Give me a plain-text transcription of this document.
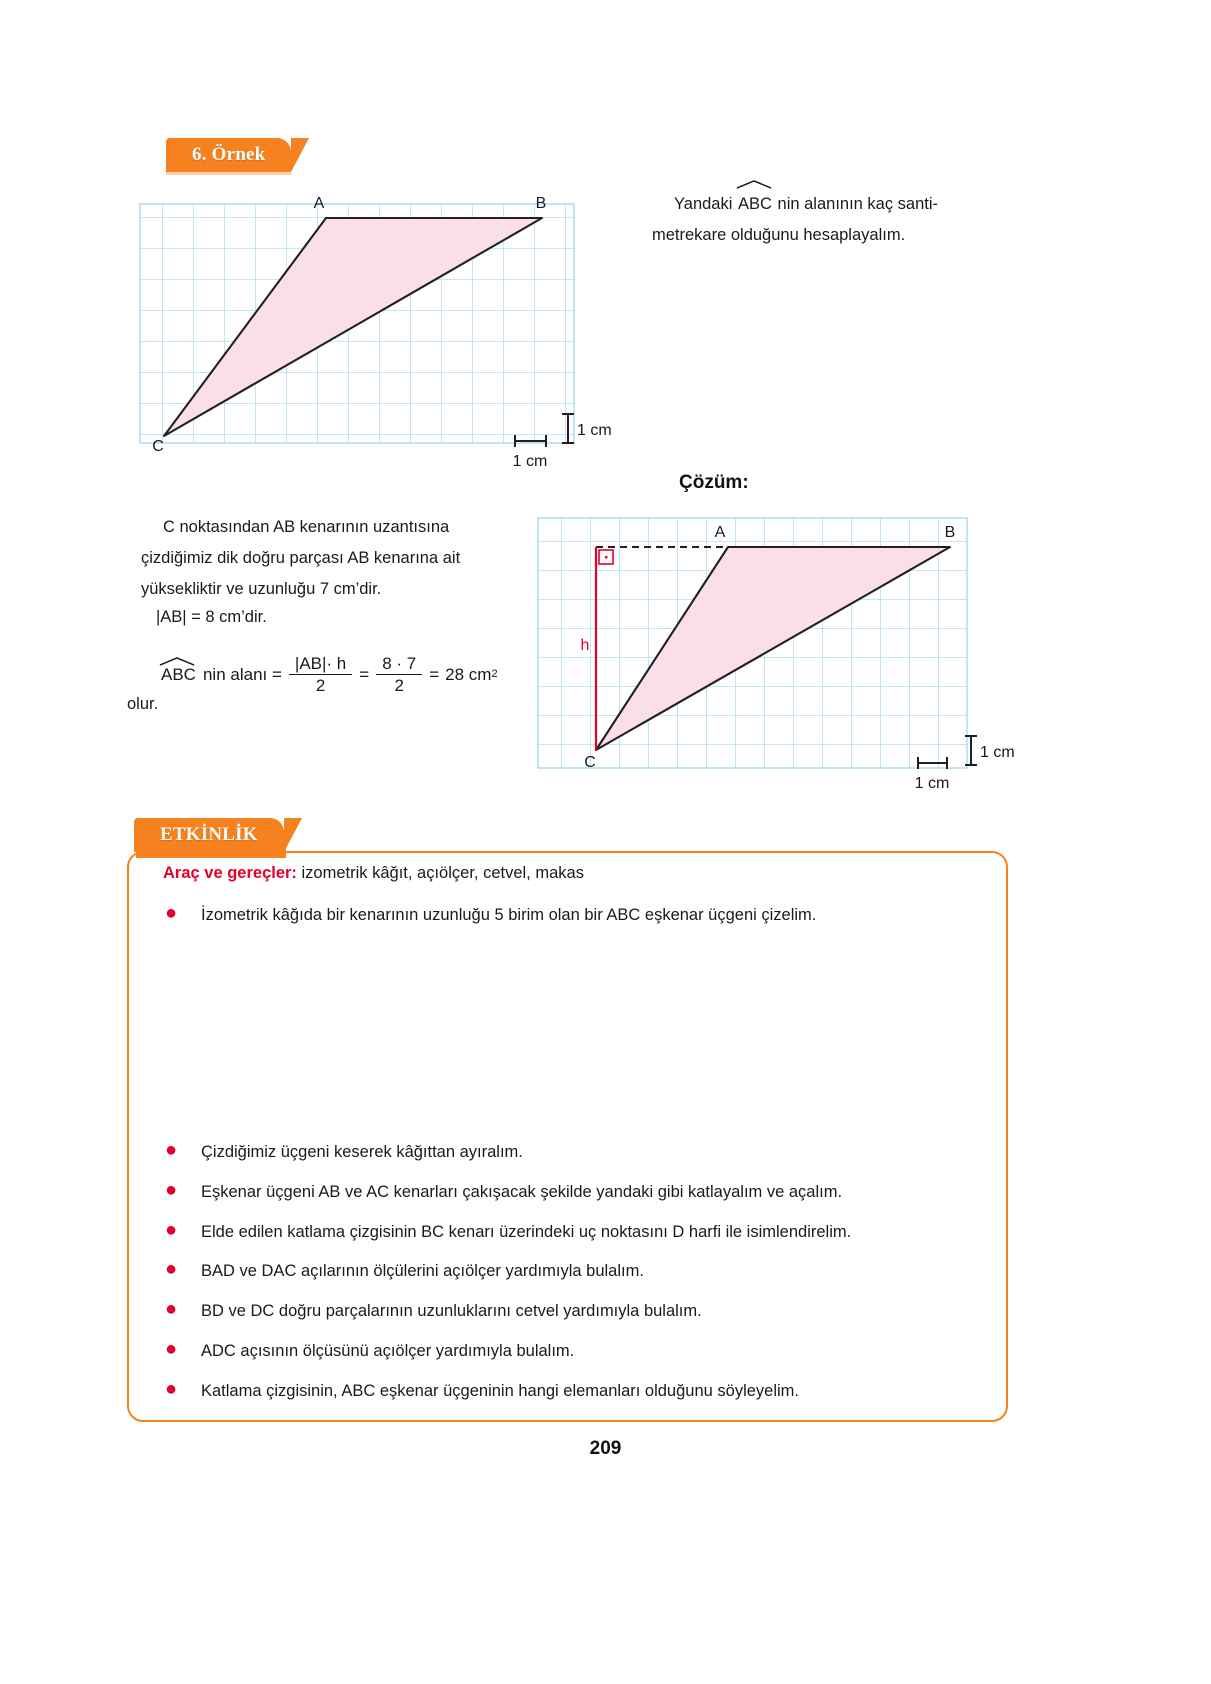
6. Örnek
A	B
C
1 cm
1 cm
Yandaki
ABC nin alanının kaç santi-
metrekare olduğunu hesaplayalım.
Çözüm:
C noktasından AB kenarının uzantısına
çizdiğimiz dik doğru parçası AB kenarına ait
yüksekliktir ve uzunluğu 7 cm’dir.
|AB| = 8 cm’dir.
ABC nin alanı = $\frac{|AB|\cdot h}{2} = \frac{8 \cdot 7}{2} = 28$ cm 2
olur.
A	B
C
h
1 cm
1 cm
ETKİNLİK
Araç ve gereçler: izometrik kâğıt, açıölçer, cetvel, makas
●	İzometrik kâğıda bir kenarının uzunluğu 5 birim olan bir ABC eşkenar üçgeni çizelim.
●	Çizdiğimiz üçgeni keserek kâğıttan ayıralım.
●	Eşkenar üçgeni AB ve AC kenarları çakışacak şekilde yandaki gibi katlayalım ve açalım.
●	Elde edilen katlama çizgisinin BC kenarı üzerindeki uç noktasını D harfi ile isimlendirelim.
●	BAD ve DAC açılarının ölçülerini açıölçer yardımıyla bulalım.
●	BD ve DC doğru parçalarının uzunluklarını cetvel yardımıyla bulalım.
●	ADC açısının ölçüsünü açıölçer yardımıyla bulalım.
●	Katlama çizgisinin, ABC eşkenar üçgeninin hangi elemanları olduğunu söyleyelim.
209
